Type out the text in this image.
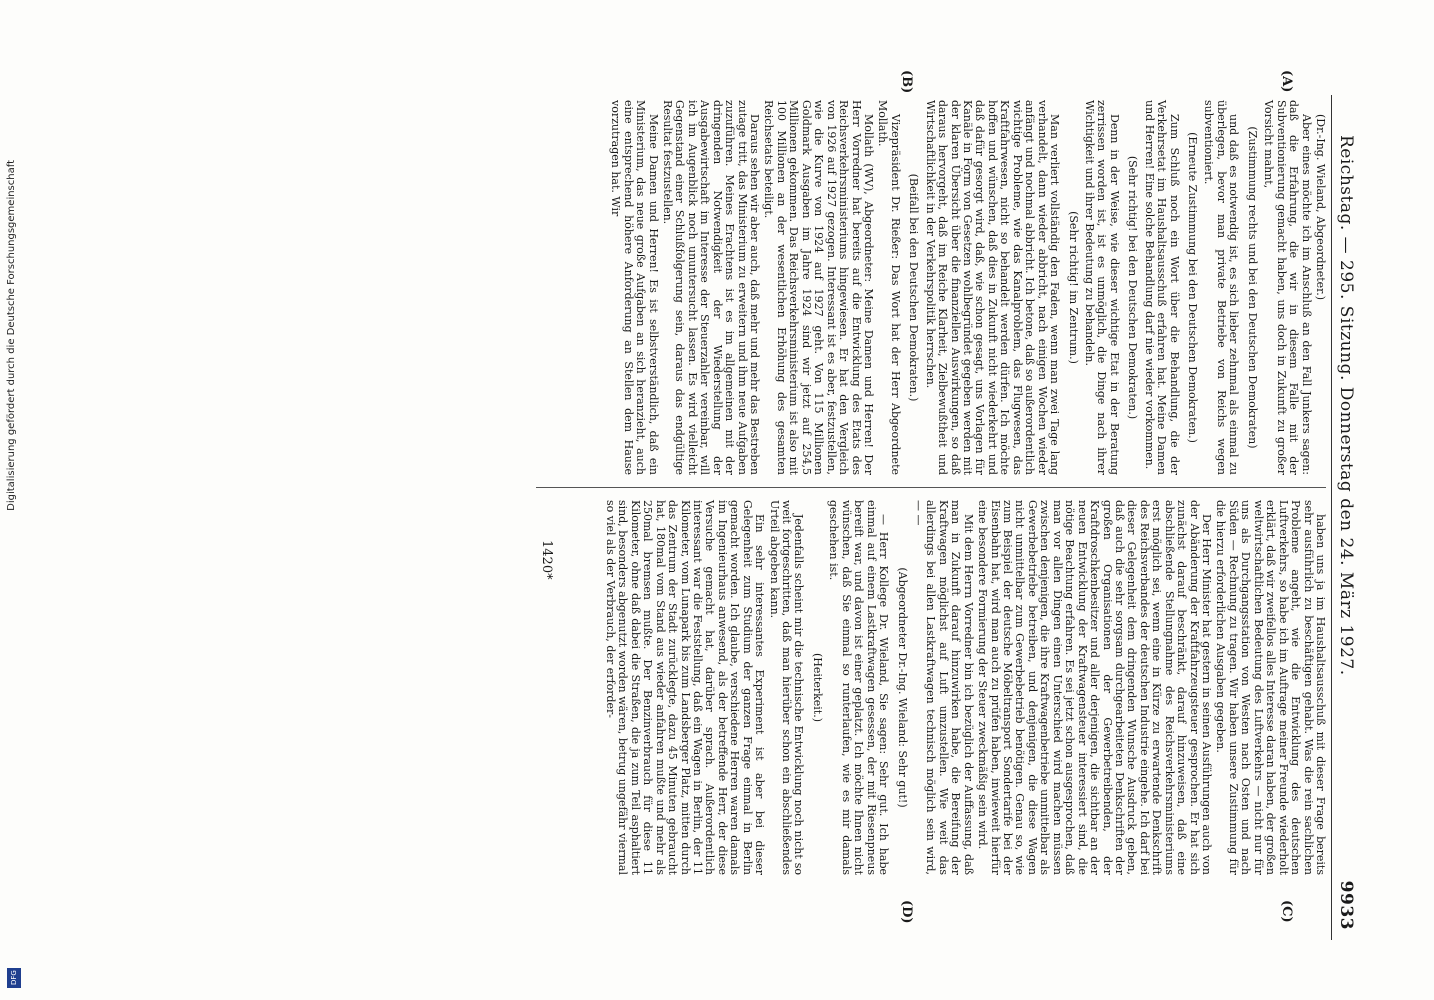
Reichstag. — 295. Sitzung. Donnerstag den 24. März 1927.
9933
(A)
(B)
(C)
(D)

(Dr.-Ing. Wieland, Abgeordneter.)

Aber eines möchte ich im Anschluß an den Fall Junkers sagen: daß die Erfahrung, die wir in diesem Falle mit der Subventionierung gemacht haben, uns doch in Zukunft zu großer Vorsicht mahnt,

(Zustimmung rechts und bei den Deutschen Demokraten)

und daß es notwendig ist, es sich lieber zehnmal als einmal zu überlegen, bevor man private Betriebe von Reichs wegen subventioniert.

(Erneute Zustimmung bei den Deutschen Demokraten.)

Zum Schluß noch ein Wort über die Behandlung, die der Verkehrsetat im Haushaltsausschuß erfahren hat. Meine Damen und Herren! Eine solche Behandlung darf nie wieder vorkommen.

(Sehr richtig! bei den Deutschen Demokraten.)

Denn in der Weise, wie dieser wichtige Etat in der Beratung zerrissen worden ist, ist es unmöglich, die Dinge nach ihrer Wichtigkeit und ihrer Bedeutung zu behandeln.

(Sehr richtig! im Zentrum.)

Man verliert vollständig den Faden, wenn man zwei Tage lang verhandelt, dann wieder abbricht, nach einigen Wochen wieder anfängt und nochmal abbricht. Ich betone, daß so außerordentlich wichtige Probleme, wie das Kanalproblem, das Flugwesen, das Kraftfahrwesen, nicht so behandelt werden dürfen. Ich möchte hoffen und wünschen, daß dies in Zukunft nicht wiederkehrt und daß dafür gesorgt wird, daß, wie schon gesagt, uns Vorlagen für Kanäle in Form von Gesetzen wohlbegründet gegeben werden mit der klaren Übersicht über die finanziellen Auswirkungen, so daß daraus hervorgeht, daß im Reiche Klarheit, Zielbewußtheit und Wirtschaftlichkeit in der Verkehrspolitik herrschen.

(Beifall bei den Deutschen Demokraten.)

Vizepräsident Dr. Rießer: Das Wort hat der Herr Abgeordnete Mollath.

Mollath (WV), Abgeordneter: Meine Damen und Herren! Der Herr Vorredner hat bereits auf die Entwicklung des Etats des Reichsverkehrsministeriums hingewiesen. Er hat den Vergleich von 1926 auf 1927 gezogen. Interessant ist es aber, festzustellen, wie die Kurve von 1924 auf 1927 geht. Von 115 Millionen Goldmark Ausgaben im Jahre 1924 sind wir jetzt auf 254,5 Millionen gekommen. Das Reichsverkehrsministerium ist also mit 100 Millionen an der wesentlichen Erhöhung des gesamten Reichsetats beteiligt.

Daraus sehen wir aber auch, daß mehr und mehr das Bestreben zutage tritt, das Ministerium zu erweitern und ihm neue Aufgaben zuzuführen. Meines Erachtens ist es im allgemeinen mit der dringenden Notwendigkeit der Wiederstellung der Ausgabewirtschaft im Interesse der Steuerzahler vereinbar, will ich im Augenblick noch ununtersucht lassen. Es wird vielleicht Gegenstand einer Schlußfolgerung sein, daraus das endgültige Resultat festzustellen.

Meine Damen und Herren! Es ist selbstverständlich, daß ein Ministerium, das neue große Aufgaben an sich heranzieht, auch eine entsprechend höhere Anforderung an Stellen dem Hause vorzutragen hat. Wir

haben uns ja im Haushaltsausschuß mit dieser Frage bereits sehr ausführlich zu beschäftigen gehabt. Was die rein sachlichen Probleme angeht, wie die Entwicklung des deutschen Luftverkehrs, so habe ich im Auftrage meiner Freunde wiederholt erklärt, daß wir zweifellos alles Interesse daran haben, der großen weltwirtschaftlichen Bedeutung des Luftverkehrs — nicht nur für uns als Durchgangsstation von Westen nach Osten und nach Süden — Rechnung zu tragen. Wir haben unsere Zustimmung für die hierzu erforderlichen Ausgaben gegeben.

Der Herr Minister hat gestern in seinen Ausführungen auch von der Abänderung der Kraftfahrzeugsteuer gesprochen. Er hat sich zunächst darauf beschränkt, darauf hinzuweisen, daß eine abschließende Stellungnahme des Reichsverkehrsministeriums erst möglich sei, wenn eine in Kürze zu erwartende Denkschrift des Reichsverbandes der deutschen Industrie eingehe. Ich darf bei dieser Gelegenheit dem dringenden Wunsche Ausdruck geben, daß auch die sehr sorgsam durchgearbeiteten Denkschriften der großen Organisationen der Gewerbetreibenden, der Kraftdroschkenbesitzer und aller derjenigen, die sichtbar an der neuen Entwicklung der Kraftwagensteuer interessiert sind, die nötige Beachtung erfahren. Es sei jetzt schon ausgesprochen, daß man vor allen Dingen einen Unterschied wird machen müssen zwischen denjenigen, die ihre Kraftwagenbetriebe unmittelbar als Gewerbebetriebe betreiben, und denjenigen, die diese Wagen nicht unmittelbar zum Gewerbebetrieb benötigen. Genau so, wie zum Beispiel der deutsche Möbeltransport Sondertarife bei der Eisenbahn hat, wird man auch zu prüfen haben, inwieweit hierfür eine besondere Formierung der Steuer zweckmäßig sein wird.

Mit dem Herrn Vorredner bin ich bezüglich der Auffassung, daß man in Zukunft darauf hinzuwirken habe, die Bereifung der Kraftwagen möglichst auf Luft umzustellen. Wie weit das allerdings bei allen Lastkraftwagen technisch möglich sein wird, — —

(Abgeordneter Dr.-Ing. Wieland: Sehr gut!)

— Herr Kollege Dr. Wieland, Sie sagen: Sehr gut. Ich habe einmal auf einem Lastkraftwagen gesessen, der mit Riesenpneus bereift war, und davon ist einer geplatzt. Ich möchte Ihnen nicht wünschen, daß Sie einmal so runterlaufen, wie es mir damals geschehen ist.

(Heiterkeit.)

Jedenfalls scheint mir die technische Entwicklung noch nicht so weit fortgeschritten, daß man hierüber schon ein abschließendes Urteil abgeben kann.

Ein sehr interessantes Experiment ist aber bei dieser Gelegenheit zum Studium der ganzen Frage einmal in Berlin gemacht worden. Ich glaube, verschiedene Herren waren damals im Ingenieurhaus anwesend, als der betreffende Herr, der diese Versuche gemacht hat, darüber sprach. Außerordentlich interessant war die Feststellung, daß ein Wagen in Berlin, der 11 Kilometer, vom Lunapark bis zum Landsberger Platz, mitten durch das Zentrum der Stadt zurücklegte, dazu 45 Minuten gebraucht hat, 180mal vom Stand aus wieder anfahren mußte und mehr als 250mal bremsen mußte. Der Benzinverbrauch für diese 11 Kilometer, ohne daß dabei die Straßen, die ja zum Teil asphaltiert sind, besonders abgenutzt worden wären, betrug ungefähr viermal so viel als der Verbrauch, der erforder-

1420*
Digitalisierung gefördert durch die Deutsche Forschungsgemeinschaft
DFG
